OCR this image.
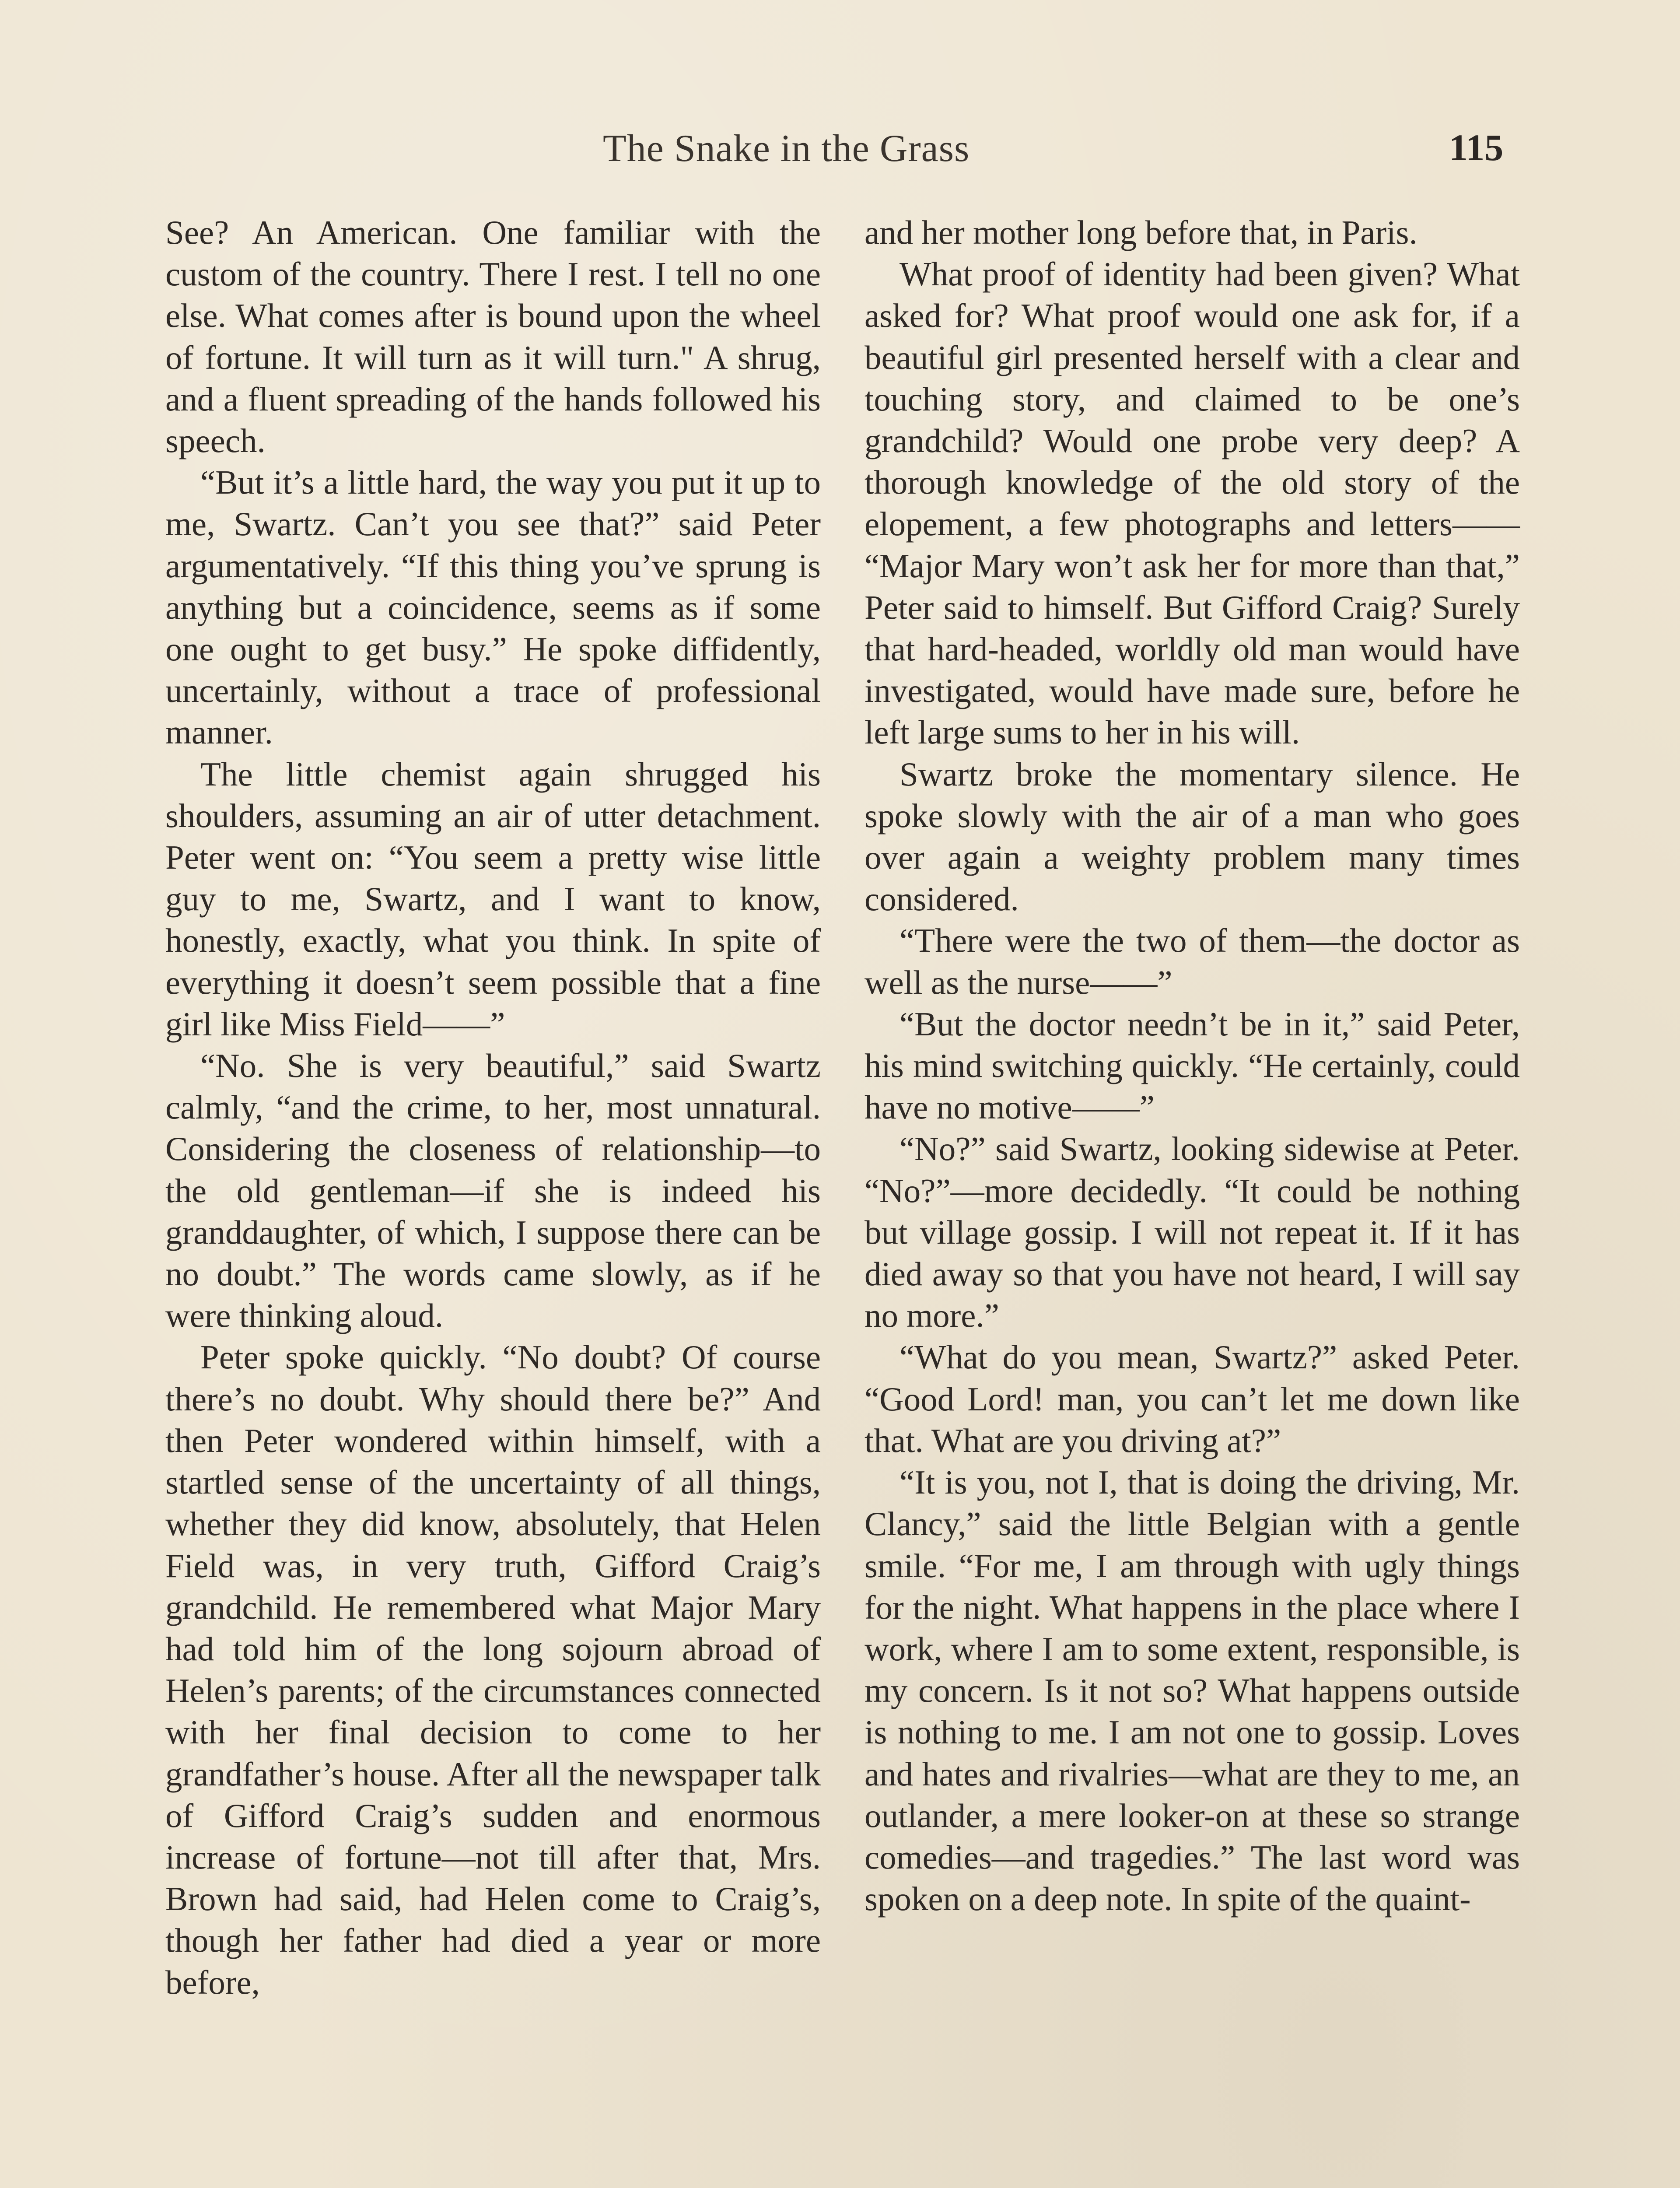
The Snake in the Grass	115

See? An American. One familiar with the custom of the country. There I rest. I tell no one else. What comes after is bound upon the wheel of fortune. It will turn as it will turn." A shrug, and a fluent spreading of the hands followed his speech.

“But it’s a little hard, the way you put it up to me, Swartz. Can’t you see that?” said Peter argumentatively. “If this thing you’ve sprung is anything but a coincidence, seems as if some one ought to get busy.” He spoke diffidently, uncertainly, without a trace of professional manner.

The little chemist again shrugged his shoulders, assuming an air of utter detachment. Peter went on: “You seem a pretty wise little guy to me, Swartz, and I want to know, honestly, exactly, what you think. In spite of everything it doesn’t seem possible that a fine girl like Miss Field——”

“No. She is very beautiful,” said Swartz calmly, “and the crime, to her, most unnatural. Considering the closeness of relationship—to the old gentleman—if she is indeed his granddaughter, of which, I suppose there can be no doubt.” The words came slowly, as if he were thinking aloud.

Peter spoke quickly. “No doubt? Of course there’s no doubt. Why should there be?” And then Peter wondered within himself, with a startled sense of the uncertainty of all things, whether they did know, absolutely, that Helen Field was, in very truth, Gifford Craig’s grandchild. He remembered what Major Mary had told him of the long sojourn abroad of Helen’s parents; of the circumstances connected with her final decision to come to her grandfather’s house. After all the newspaper talk of Gifford Craig’s sudden and enormous increase of fortune—not till after that, Mrs. Brown had said, had Helen come to Craig’s, though her father had died a year or more before,

and her mother long before that, in Paris.

What proof of identity had been given? What asked for? What proof would one ask for, if a beautiful girl presented herself with a clear and touching story, and claimed to be one’s grandchild? Would one probe very deep? A thorough knowledge of the old story of the elopement, a few photographs and letters—— “Major Mary won’t ask her for more than that,” Peter said to himself. But Gifford Craig? Surely that hard-headed, worldly old man would have investigated, would have made sure, before he left large sums to her in his will.

Swartz broke the momentary silence. He spoke slowly with the air of a man who goes over again a weighty problem many times considered.

“There were the two of them—the doctor as well as the nurse——”

“But the doctor needn’t be in it,” said Peter, his mind switching quickly. “He certainly, could have no motive——”

“No?” said Swartz, looking sidewise at Peter. “No?”—more decidedly. “It could be nothing but village gossip. I will not repeat it. If it has died away so that you have not heard, I will say no more.”

“What do you mean, Swartz?” asked Peter. “Good Lord! man, you can’t let me down like that. What are you driving at?”

“It is you, not I, that is doing the driving, Mr. Clancy,” said the little Belgian with a gentle smile. “For me, I am through with ugly things for the night. What happens in the place where I work, where I am to some extent, responsible, is my concern. Is it not so? What happens outside is nothing to me. I am not one to gossip. Loves and hates and rivalries—what are they to me, an outlander, a mere looker-on at these so strange comedies—and tragedies.” The last word was spoken on a deep note. In spite of the quaint-
